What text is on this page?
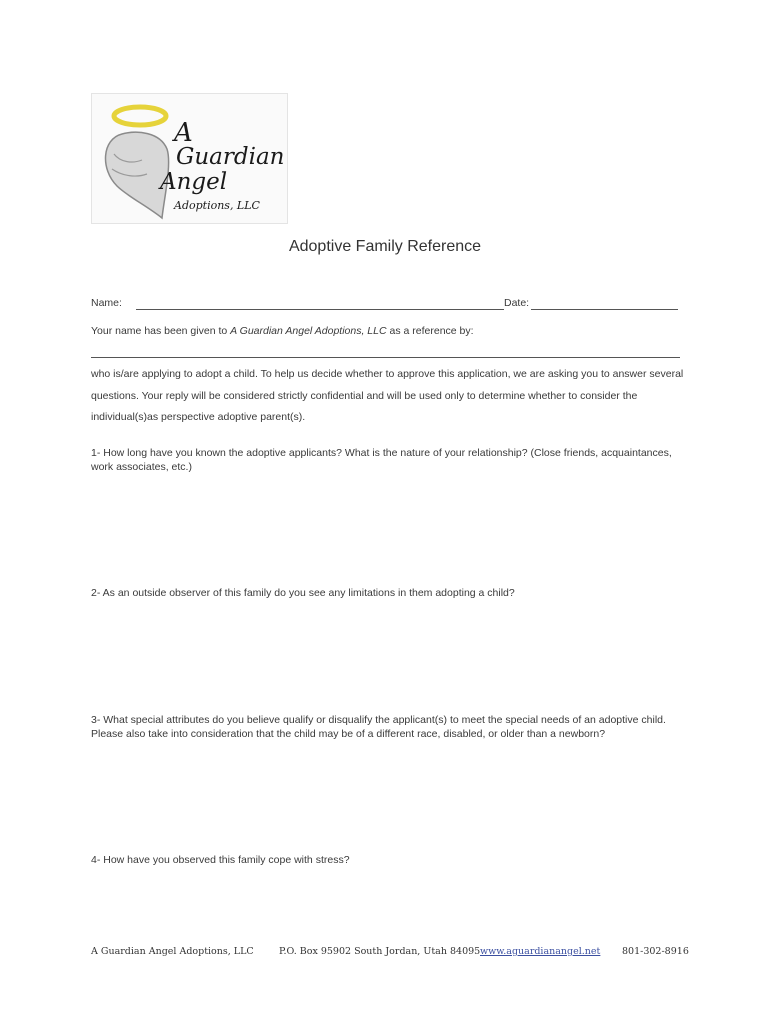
A
Guardian
Angel
Adoptions, LLC
Adoptive Family Reference
Name:	Date:
Your name has been given to A Guardian Angel Adoptions, LLC as a reference by:
who is/are applying to adopt a child. To help us decide whether to approve this application, we are asking you to answer several questions. Your reply will be considered strictly confidential and will be used only to determine whether to consider the individual(s)as perspective adoptive parent(s).
1- How long have you known the adoptive applicants? What is the nature of your relationship? (Close friends, acquaintances, work associates, etc.)
2- As an outside observer of this family do you see any limitations in them adopting a child?
3- What special attributes do you believe qualify or disqualify the applicant(s) to meet the special needs of an adoptive child. Please also take into consideration that the child may be of a different race, disabled, or older than a newborn?
4- How have you observed this family cope with stress?
A Guardian Angel Adoptions, LLC	P.O. Box 95902 South Jordan, Utah 84095 www.aguardianangel.net 801-302-8916
